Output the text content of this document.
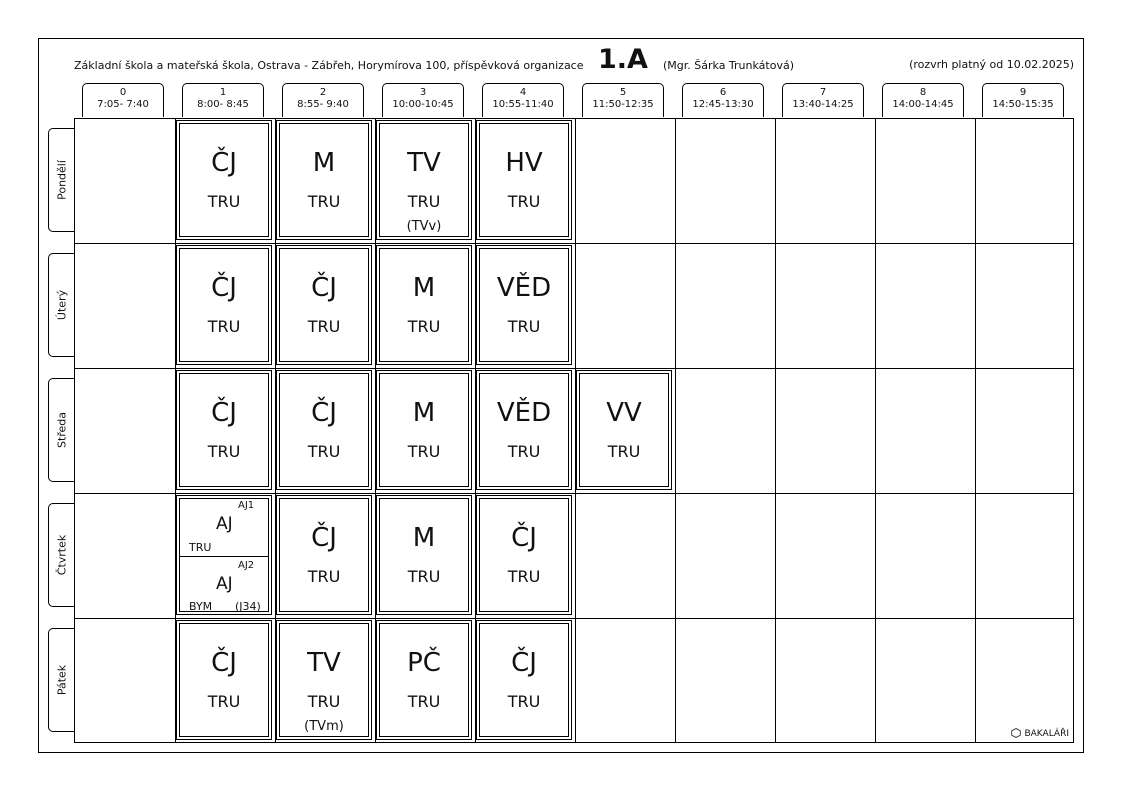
Základní škola a mateřská škola, Ostrava - Zábřeh, Horymírova 100, příspěvková organizace 1.A (Mgr. Šárka Trunkátová)	(rozvrh platný od 10.02.2025)
0
7:05- 7:40
1
8:00- 8:45
2
8:55- 9:40
3
10:00-10:45
4
10:55-11:40
5
11:50-12:35
6
12:45-13:30
7
13:40-14:25
8
14:00-14:45
9
14:50-15:35
Pondělí
Úterý
Středa
Čtvrtek
Pátek
ČJ
TRU
M
TRU
TV
TRU
(TVv)
HV
TRU
ČJ
TRU
ČJ
TRU
M
TRU
VĚD
TRU
ČJ
TRU
ČJ
TRU
M
TRU
VĚD
TRU
VV
TRU
AJ1
AJ
TRU
AJ2
AJ
BYM (J34)
ČJ
TRU
M
TRU
ČJ
TRU
ČJ
TRU
TV
TRU
(TVm)
PČ
TRU
ČJ
TRU
BAKALÁŘI
